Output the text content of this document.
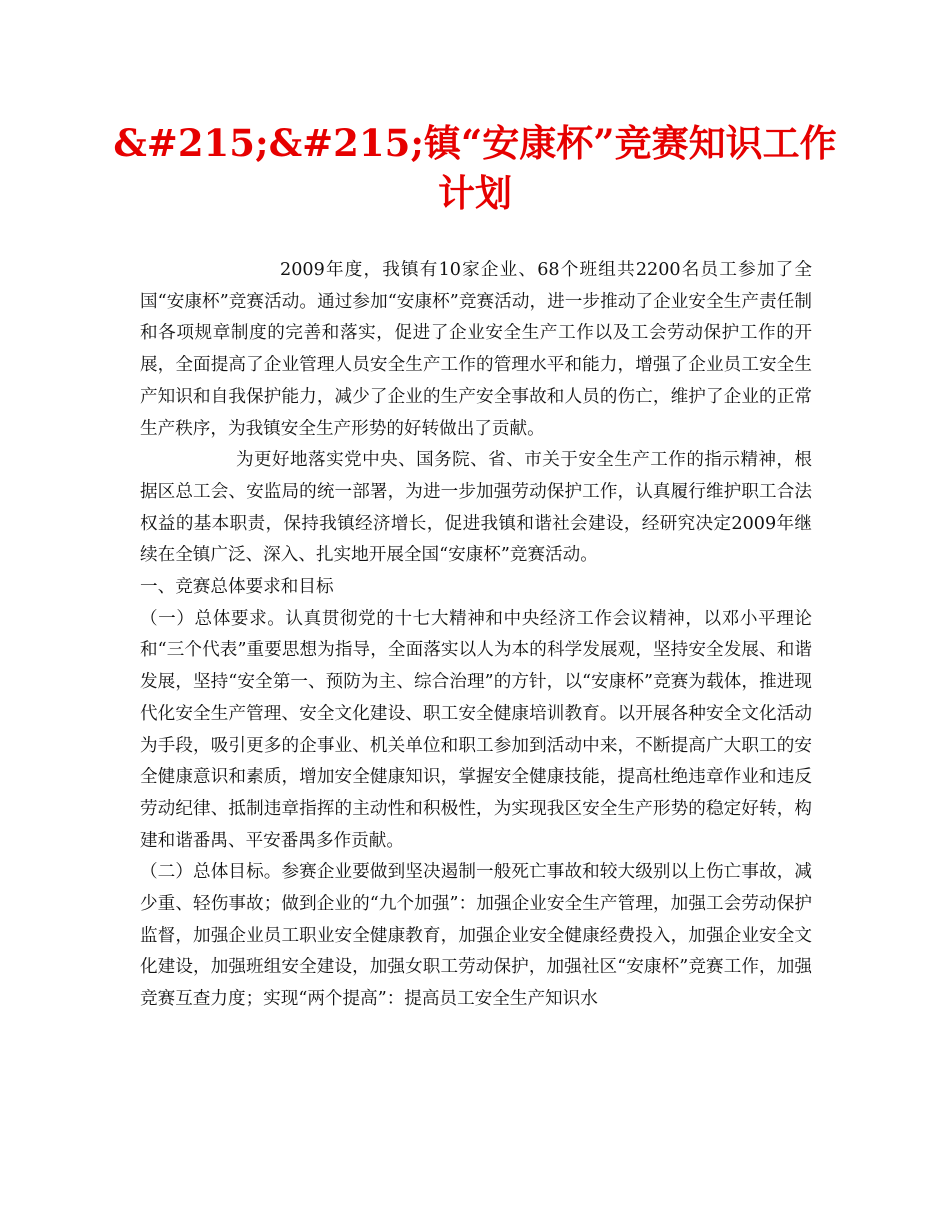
&#215;&#215;镇“安康杯”竞赛知识工作计划

2009年度，我镇有10家企业、68个班组共2200名员工参加了全国“安康杯”竞赛活动。通过参加“安康杯”竞赛活动，进一步推动了企业安全生产责任制和各项规章制度的完善和落实，促进了企业安全生产工作以及工会劳动保护工作的开展，全面提高了企业管理人员安全生产工作的管理水平和能力，增强了企业员工安全生产知识和自我保护能力，减少了企业的生产安全事故和人员的伤亡，维护了企业的正常生产秩序，为我镇安全生产形势的好转做出了贡献。

为更好地落实党中央、国务院、省、市关于安全生产工作的指示精神，根据区总工会、安监局的统一部署，为进一步加强劳动保护工作，认真履行维护职工合法权益的基本职责，保持我镇经济增长，促进我镇和谐社会建设，经研究决定2009年继续在全镇广泛、深入、扎实地开展全国“安康杯”竞赛活动。

一、竞赛总体要求和目标

（一）总体要求。认真贯彻党的十七大精神和中央经济工作会议精神，以邓小平理论和“三个代表”重要思想为指导，全面落实以人为本的科学发展观，坚持安全发展、和谐发展，坚持“安全第一、预防为主、综合治理”的方针，以“安康杯”竞赛为载体，推进现代化安全生产管理、安全文化建设、职工安全健康培训教育。以开展各种安全文化活动为手段，吸引更多的企事业、机关单位和职工参加到活动中来，不断提高广大职工的安全健康意识和素质，增加安全健康知识，掌握安全健康技能，提高杜绝违章作业和违反劳动纪律、抵制违章指挥的主动性和积极性，为实现我区安全生产形势的稳定好转，构建和谐番禺、平安番禺多作贡献。

（二）总体目标。参赛企业要做到坚决遏制一般死亡事故和较大级别以上伤亡事故，减少重、轻伤事故；做到企业的“九个加强”：加强企业安全生产管理，加强工会劳动保护监督，加强企业员工职业安全健康教育，加强企业安全健康经费投入，加强企业安全文化建设，加强班组安全建设，加强女职工劳动保护，加强社区“安康杯”竞赛工作，加强竞赛互查力度；实现“两个提高”：提高员工安全生产知识水
